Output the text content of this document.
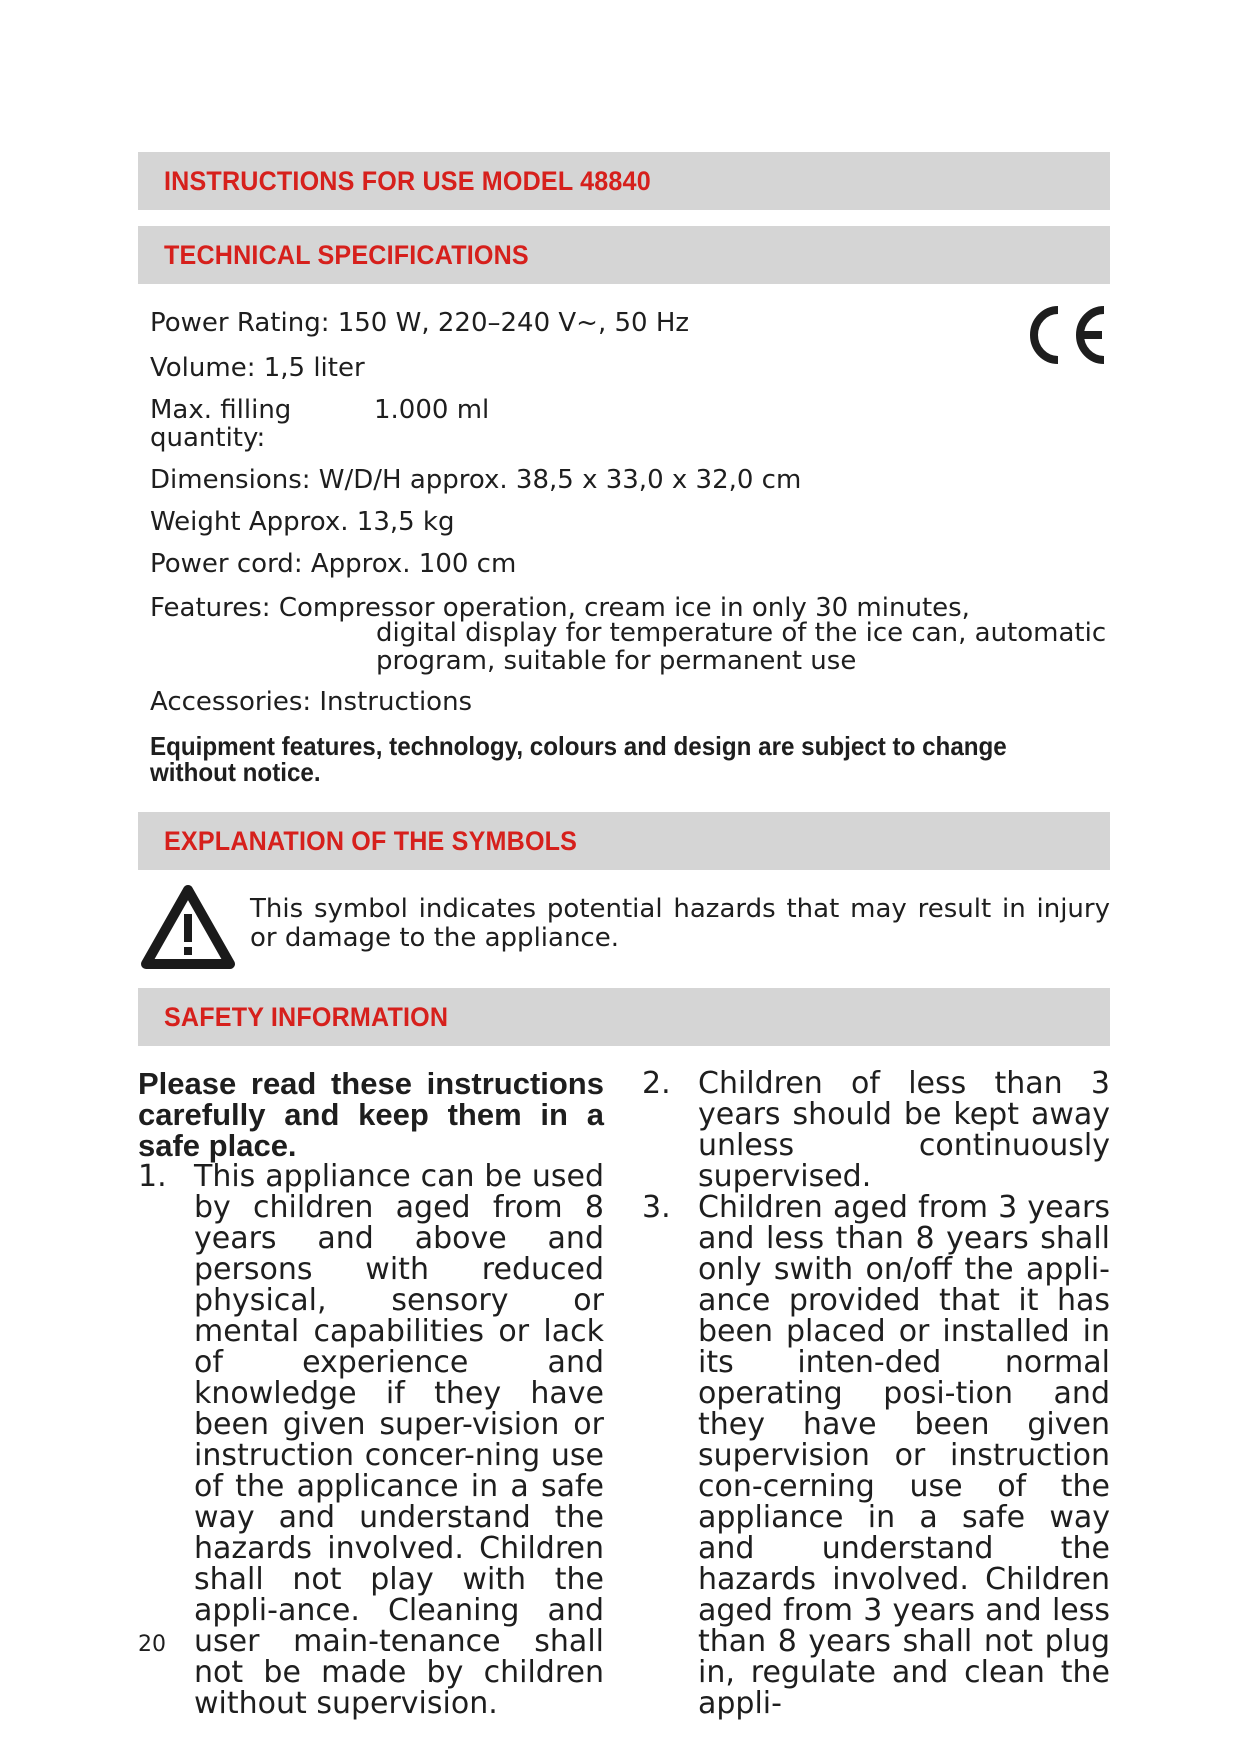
INSTRUCTIONS FOR USE MODEL 48840
TECHNICAL SPECIFICATIONS
Power Rating: 150 W, 220–240 V~, 50 Hz
Volume: 1,5 liter
Max. filling	1.000 ml
quantity:
Dimensions: W/D/H approx. 38,5 x 33,0 x 32,0 cm
Weight Approx. 13,5 kg
Power cord: Approx. 100 cm
Features: Compressor operation, cream ice in only 30 minutes,
digital display for temperature of the ice can, automatic
program, suitable for permanent use
Accessories: Instructions
Equipment features, technology, colours and design are subject to change without notice.
EXPLANATION OF THE SYMBOLS
This symbol indicates potential hazards that may result in injury or damage to the appliance.
SAFETY INFORMATION
Please read these instructions carefully and keep them in a safe place.
1. This appliance can be used by children aged from 8 years and above and persons with reduced physical, sensory or mental capabilities or lack of experience and knowledge if they have been given super-vision or instruction concer-ning use of the applicance in a safe way and understand the hazards involved. Children shall not play with the appli-ance. Cleaning and user main-tenance shall not be made by children without supervision.
2. Children of less than 3 years should be kept away unless continuously supervised.
3. Children aged from 3 years and less than 8 years shall only swith on/off the appli-ance provided that it has been placed or installed in its inten-ded normal operating posi-tion and they have been given supervision or instruction con-cerning use of the appliance in a safe way and understand the hazards involved. Children aged from 3 years and less than 8 years shall not plug in, regulate and clean the appli-
20
